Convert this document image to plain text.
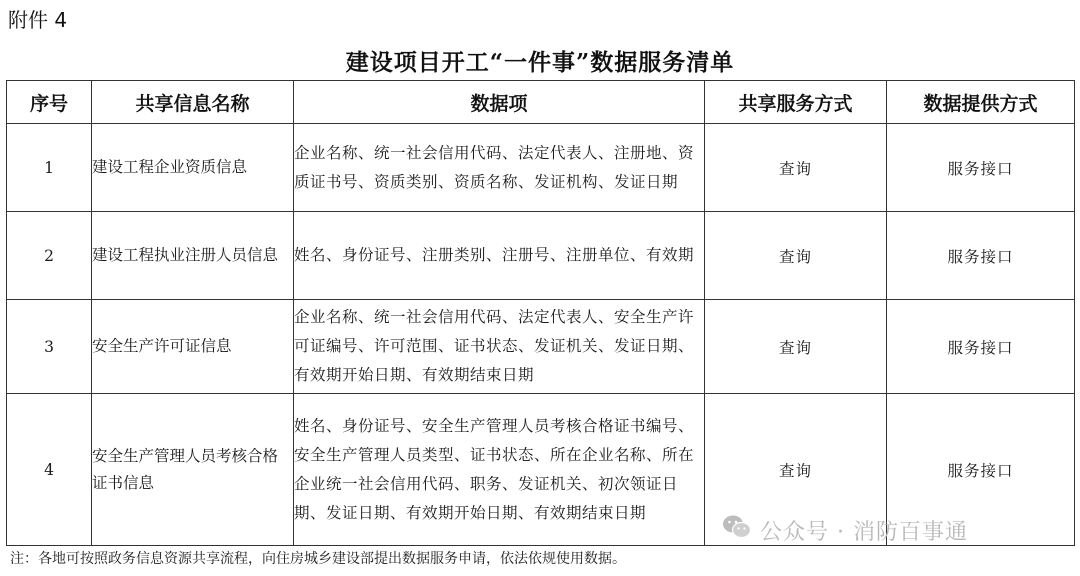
附件 4
建设项目开工“一件事”数据服务清单
序号	共享信息名称	数据项	共享服务方式	数据提供方式
1	建设工程企业资质信息	企业名称、统一社会信用代码、法定代表人、注册地、资质证书号、资质类别、资质名称、发证机构、发证日期	查询	服务接口
2	建设工程执业注册人员信息	姓名、身份证号、注册类别、注册号、注册单位、有效期	查询	服务接口
3	安全生产许可证信息	企业名称、统一社会信用代码、法定代表人、安全生产许可证编号、许可范围、证书状态、发证机关、发证日期、有效期开始日期、有效期结束日期	查询	服务接口
4	安全生产管理人员考核合格证书信息	姓名、身份证号、安全生产管理人员考核合格证书编号、安全生产管理人员类型、证书状态、所在企业名称、所在企业统一社会信用代码、职务、发证机关、初次领证日期、发证日期、有效期开始日期、有效期结束日期	查询	服务接口
注：各地可按照政务信息资源共享流程，向住房城乡建设部提出数据服务申请，依法依规使用数据。
公众号 · 消防百事通
